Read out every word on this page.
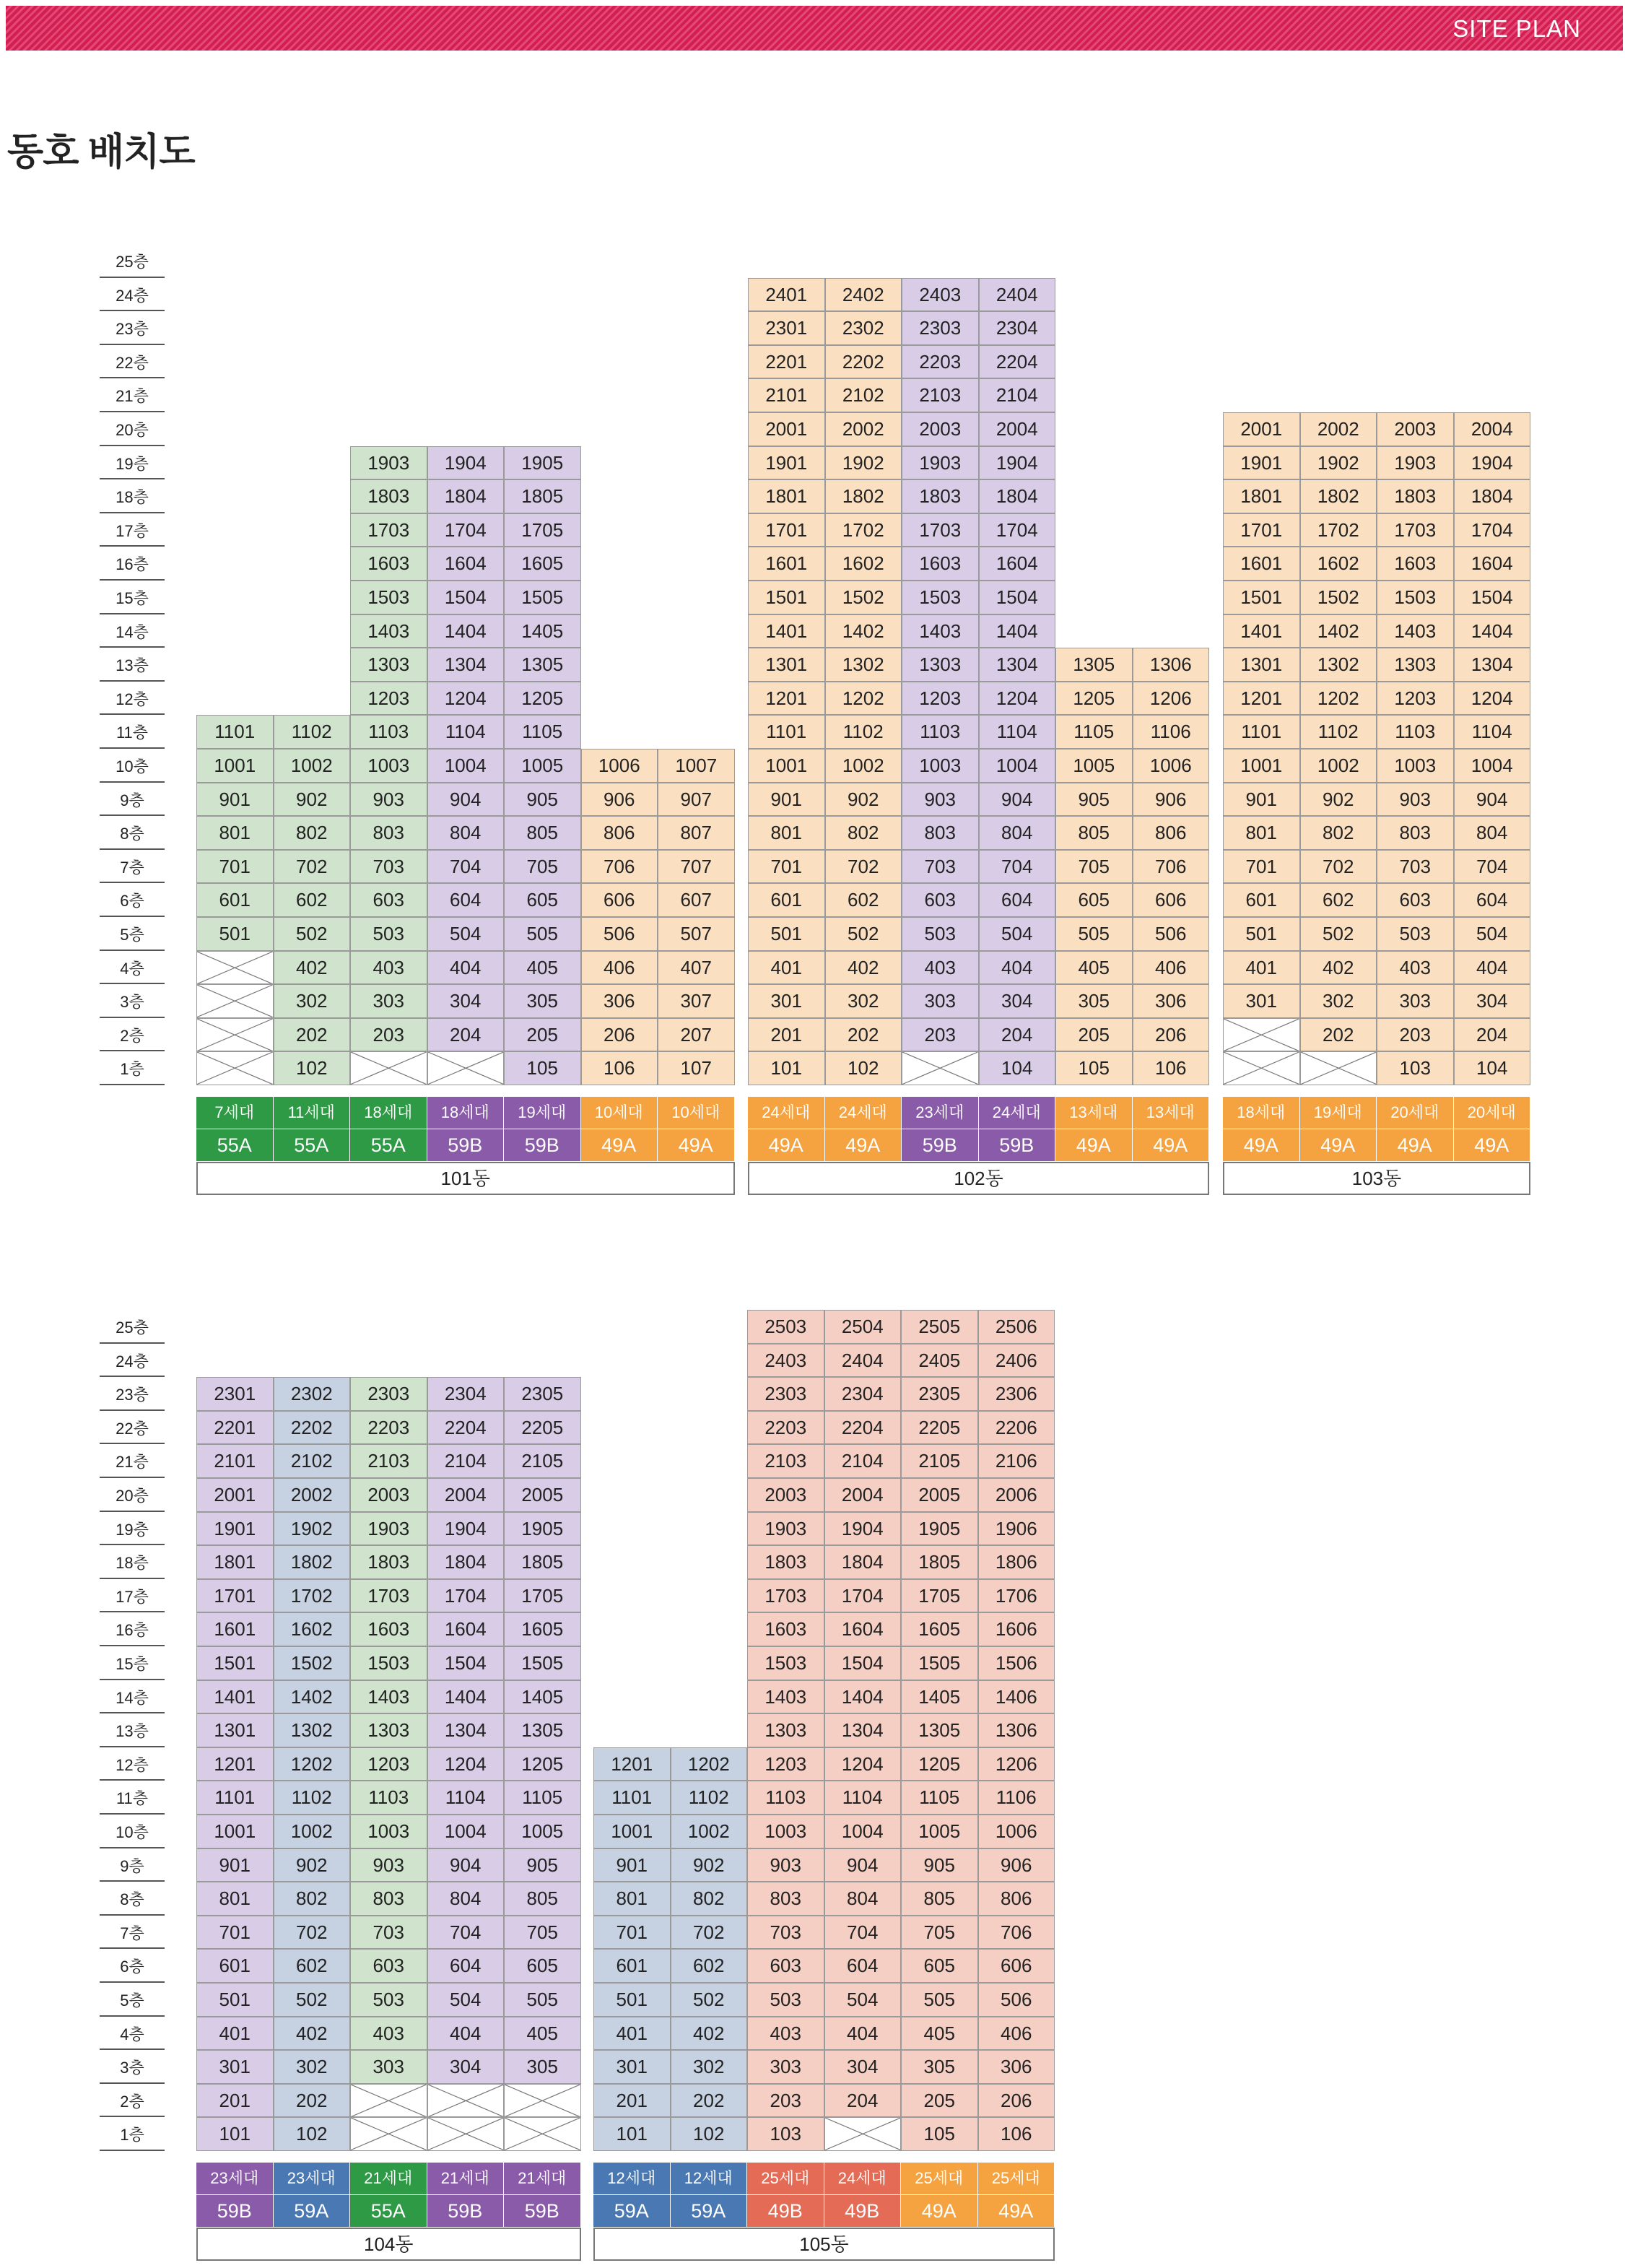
SITE PLAN
동호 배치도
1층
2층
3층
4층
5층
6층
7층
8층
9층
10층
11층
12층
13층
14층
15층
16층
17층
18층
19층
20층
21층
22층
23층
24층
25층
1층
2층
3층
4층
5층
6층
7층
8층
9층
10층
11층
12층
13층
14층
15층
16층
17층
18층
19층
20층
21층
22층
23층
24층
25층
501
601
701
801
901
1001
1101
7세대
55A
102
202
302
402
502
602
702
802
902
1002
1102
11세대
55A
203
303
403
503
603
703
803
903
1003
1103
1203
1303
1403
1503
1603
1703
1803
1903
18세대
55A
204
304
404
504
604
704
804
904
1004
1104
1204
1304
1404
1504
1604
1704
1804
1904
18세대
59B
105
205
305
405
505
605
705
805
905
1005
1105
1205
1305
1405
1505
1605
1705
1805
1905
19세대
59B
106
206
306
406
506
606
706
806
906
1006
10세대
49A
107
207
307
407
507
607
707
807
907
1007
10세대
49A
101동
101
201
301
401
501
601
701
801
901
1001
1101
1201
1301
1401
1501
1601
1701
1801
1901
2001
2101
2201
2301
2401
24세대
49A
102
202
302
402
502
602
702
802
902
1002
1102
1202
1302
1402
1502
1602
1702
1802
1902
2002
2102
2202
2302
2402
24세대
49A
203
303
403
503
603
703
803
903
1003
1103
1203
1303
1403
1503
1603
1703
1803
1903
2003
2103
2203
2303
2403
23세대
59B
104
204
304
404
504
604
704
804
904
1004
1104
1204
1304
1404
1504
1604
1704
1804
1904
2004
2104
2204
2304
2404
24세대
59B
105
205
305
405
505
605
705
805
905
1005
1105
1205
1305
13세대
49A
106
206
306
406
506
606
706
806
906
1006
1106
1206
1306
13세대
49A
102동
301
401
501
601
701
801
901
1001
1101
1201
1301
1401
1501
1601
1701
1801
1901
2001
18세대
49A
202
302
402
502
602
702
802
902
1002
1102
1202
1302
1402
1502
1602
1702
1802
1902
2002
19세대
49A
103
203
303
403
503
603
703
803
903
1003
1103
1203
1303
1403
1503
1603
1703
1803
1903
2003
20세대
49A
104
204
304
404
504
604
704
804
904
1004
1104
1204
1304
1404
1504
1604
1704
1804
1904
2004
20세대
49A
103동
101
201
301
401
501
601
701
801
901
1001
1101
1201
1301
1401
1501
1601
1701
1801
1901
2001
2101
2201
2301
23세대
59B
102
202
302
402
502
602
702
802
902
1002
1102
1202
1302
1402
1502
1602
1702
1802
1902
2002
2102
2202
2302
23세대
59A
303
403
503
603
703
803
903
1003
1103
1203
1303
1403
1503
1603
1703
1803
1903
2003
2103
2203
2303
21세대
55A
304
404
504
604
704
804
904
1004
1104
1204
1304
1404
1504
1604
1704
1804
1904
2004
2104
2204
2304
21세대
59B
305
405
505
605
705
805
905
1005
1105
1205
1305
1405
1505
1605
1705
1805
1905
2005
2105
2205
2305
21세대
59B
104동
101
201
301
401
501
601
701
801
901
1001
1101
1201
12세대
59A
102
202
302
402
502
602
702
802
902
1002
1102
1202
12세대
59A
103
203
303
403
503
603
703
803
903
1003
1103
1203
1303
1403
1503
1603
1703
1803
1903
2003
2103
2203
2303
2403
2503
25세대
49B
204
304
404
504
604
704
804
904
1004
1104
1204
1304
1404
1504
1604
1704
1804
1904
2004
2104
2204
2304
2404
2504
24세대
49B
105
205
305
405
505
605
705
805
905
1005
1105
1205
1305
1405
1505
1605
1705
1805
1905
2005
2105
2205
2305
2405
2505
25세대
49A
106
206
306
406
506
606
706
806
906
1006
1106
1206
1306
1406
1506
1606
1706
1806
1906
2006
2106
2206
2306
2406
2506
25세대
49A
105동
